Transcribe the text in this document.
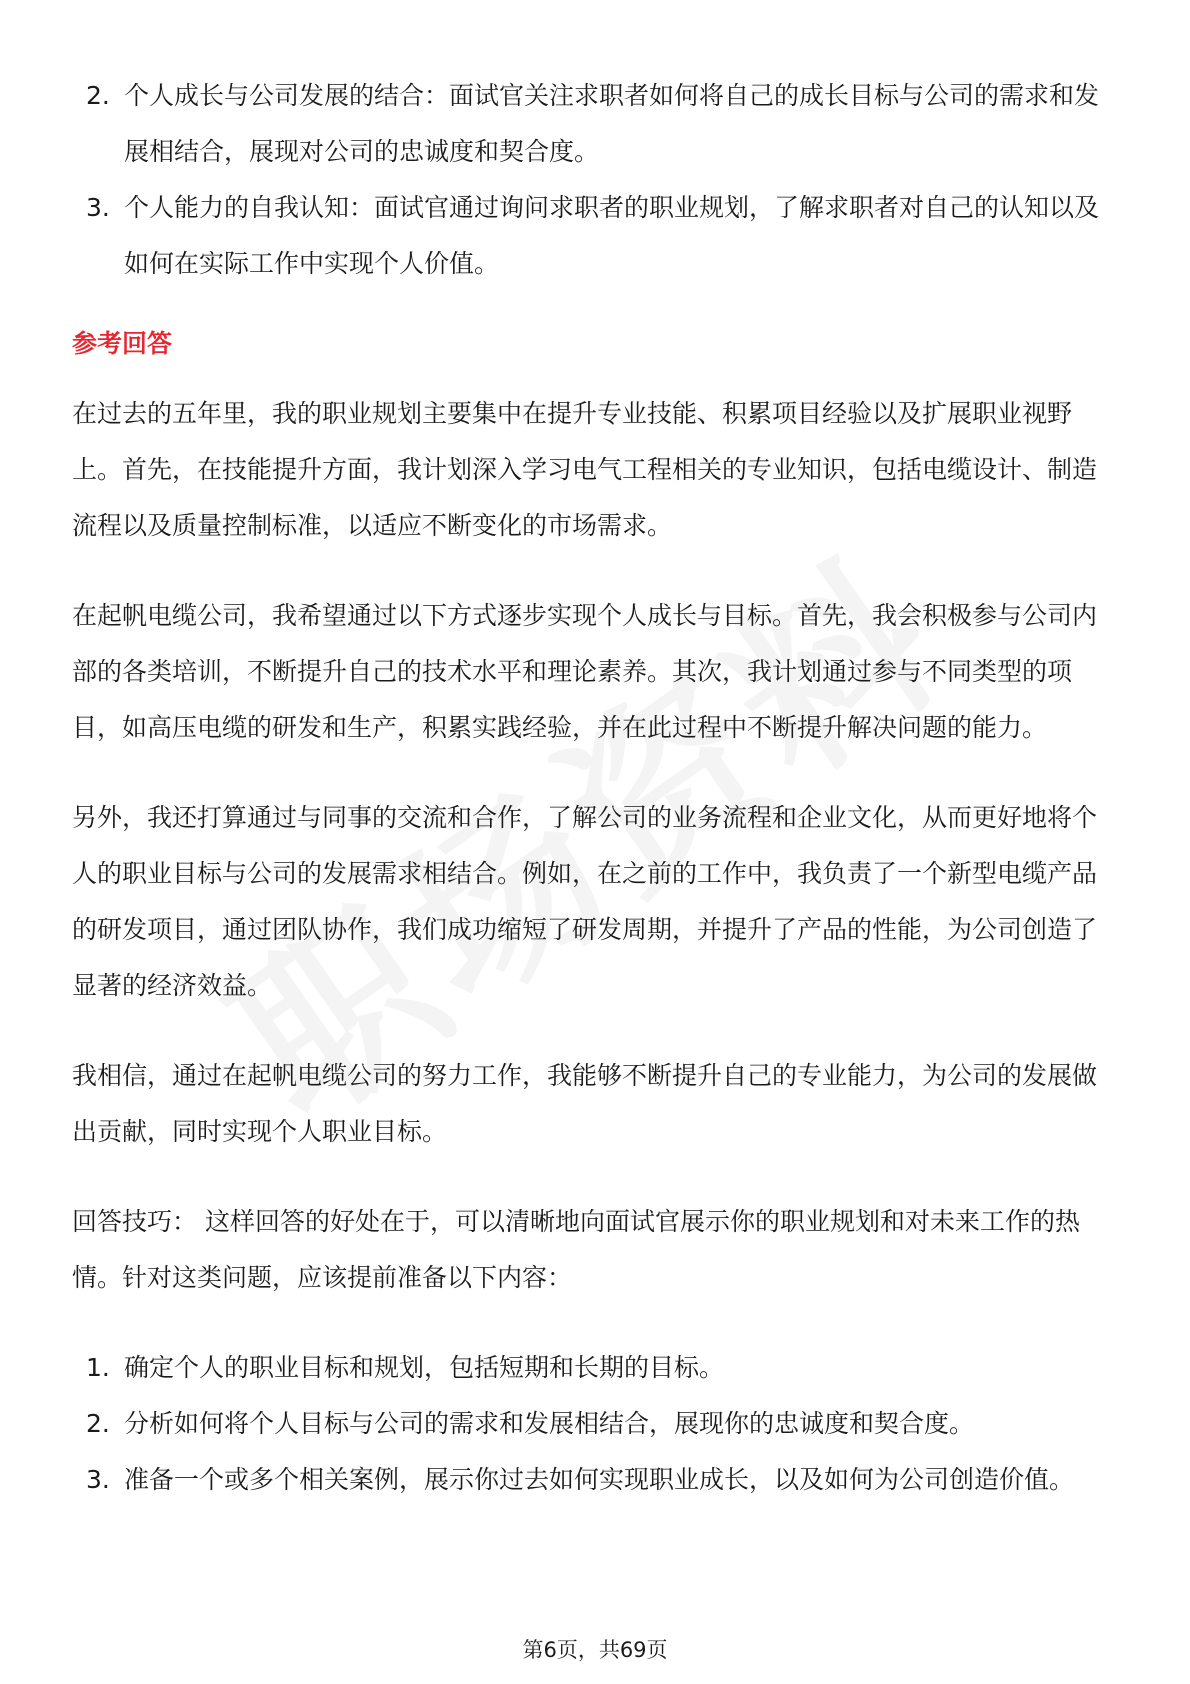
2. 个人成长与公司发展的结合：面试官关注求职者如何将自己的成长目标与公司的需求和发展相结合，展现对公司的忠诚度和契合度。
3. 个人能力的自我认知：面试官通过询问求职者的职业规划，了解求职者对自己的认知以及如何在实际工作中实现个人价值。
参考回答

在过去的五年里，我的职业规划主要集中在提升专业技能、积累项目经验以及扩展职业视野上。首先，在技能提升方面，我计划深入学习电气工程相关的专业知识，包括电缆设计、制造流程以及质量控制标准，以适应不断变化的市场需求。

在起帆电缆公司，我希望通过以下方式逐步实现个人成长与目标。首先，我会积极参与公司内部的各类培训，不断提升自己的技术水平和理论素养。其次，我计划通过参与不同类型的项目，如高压电缆的研发和生产，积累实践经验，并在此过程中不断提升解决问题的能力。

另外，我还打算通过与同事的交流和合作，了解公司的业务流程和企业文化，从而更好地将个人的职业目标与公司的发展需求相结合。例如，在之前的工作中，我负责了一个新型电缆产品的研发项目，通过团队协作，我们成功缩短了研发周期，并提升了产品的性能，为公司创造了显著的经济效益。

我相信，通过在起帆电缆公司的努力工作，我能够不断提升自己的专业能力，为公司的发展做出贡献，同时实现个人职业目标。

回答技巧： 这样回答的好处在于，可以清晰地向面试官展示你的职业规划和对未来工作的热情。针对这类问题，应该提前准备以下内容：

1. 确定个人的职业目标和规划，包括短期和长期的目标。
2. 分析如何将个人目标与公司的需求和发展相结合，展现你的忠诚度和契合度。
3. 准备一个或多个相关案例，展示你过去如何实现职业成长，以及如何为公司创造价值。
第6页，共69页
